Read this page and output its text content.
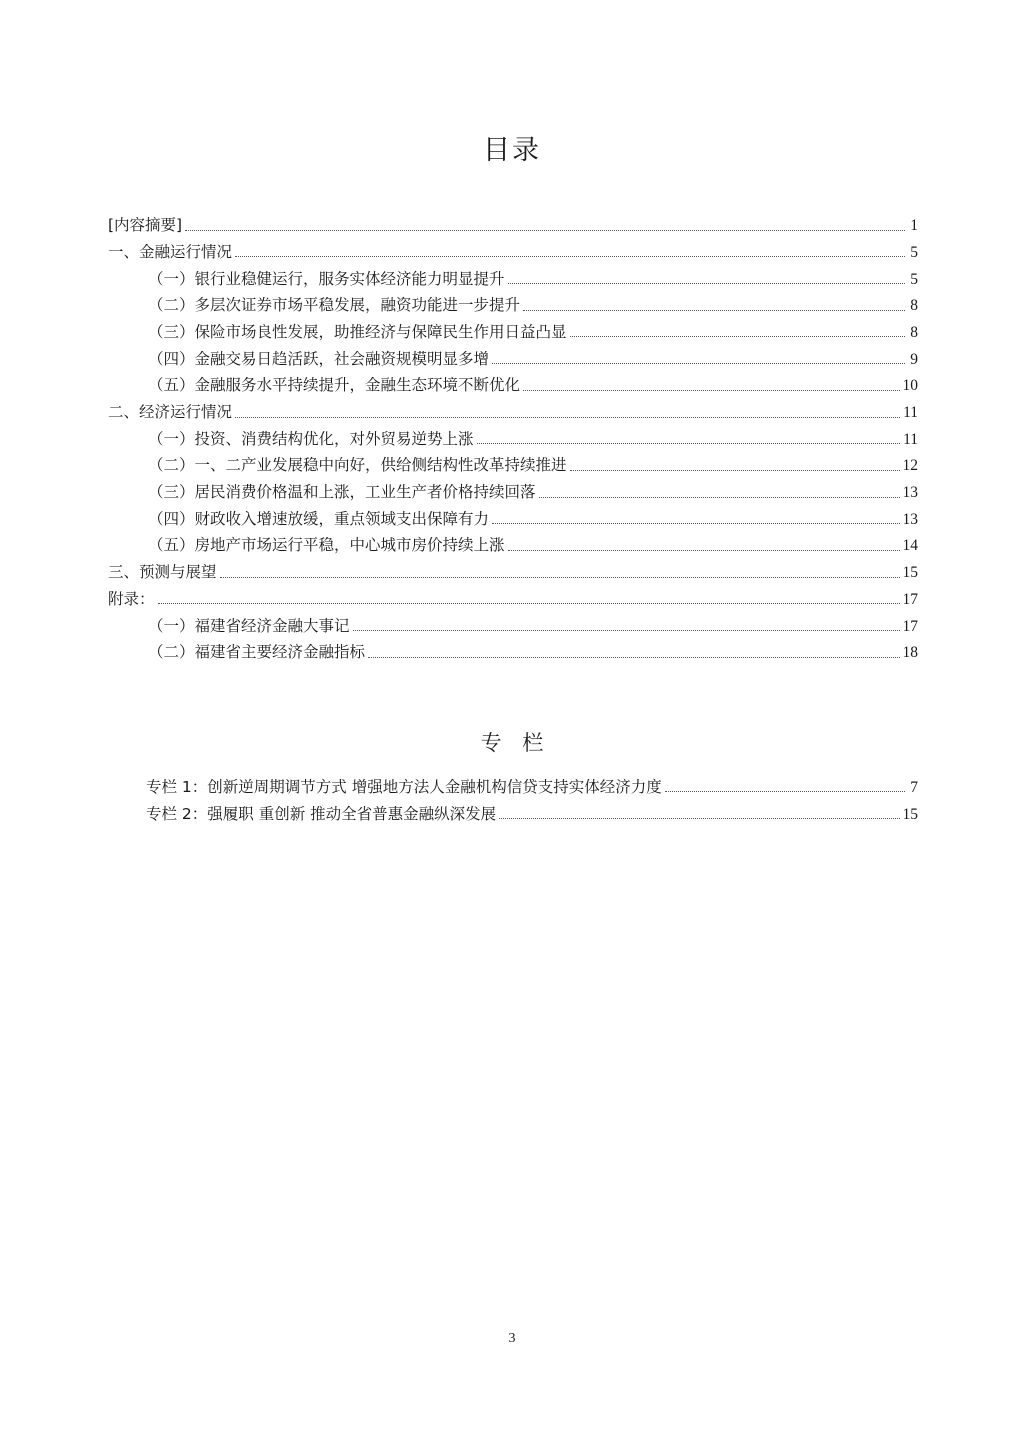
目录
[内容摘要]	1
一、金融运行情况	5
（一）银行业稳健运行，服务实体经济能力明显提升	5
（二）多层次证券市场平稳发展，融资功能进一步提升	8
（三）保险市场良性发展，助推经济与保障民生作用日益凸显	8
（四）金融交易日趋活跃，社会融资规模明显多增	9
（五）金融服务水平持续提升，金融生态环境不断优化	10
二、经济运行情况	11
（一）投资、消费结构优化，对外贸易逆势上涨	11
（二）一、二产业发展稳中向好，供给侧结构性改革持续推进	12
（三）居民消费价格温和上涨，工业生产者价格持续回落	13
（四）财政收入增速放缓，重点领域支出保障有力	13
（五）房地产市场运行平稳，中心城市房价持续上涨	14
三、预测与展望	15
附录：	17
（一）福建省经济金融大事记	17
（二）福建省主要经济金融指标	18
专 栏
专栏 1：创新逆周期调节方式 增强地方法人金融机构信贷支持实体经济力度	7
专栏 2：强履职 重创新 推动全省普惠金融纵深发展	15
3
